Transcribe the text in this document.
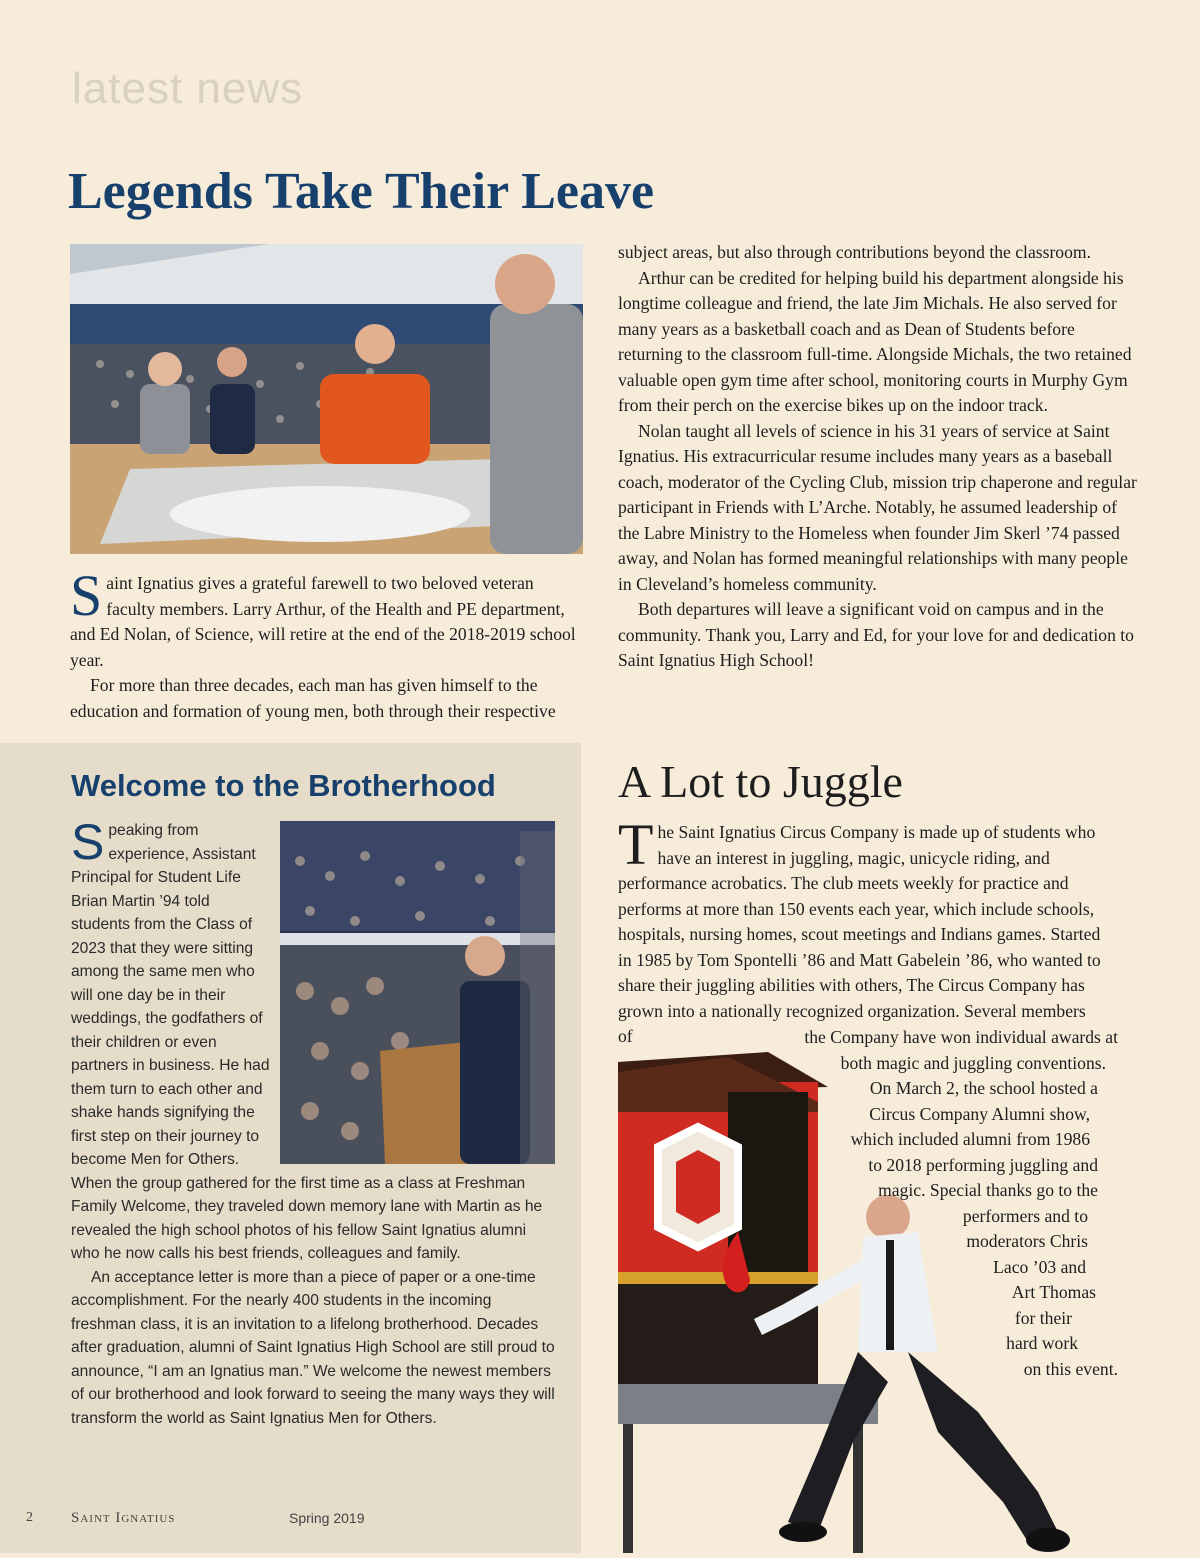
latest news
Legends Take Their Leave

Saint Ignatius gives a grateful farewell to two beloved veteran faculty members. Larry Arthur, of the Health and PE department, and Ed Nolan, of Science, will retire at the end of the 2018-2019 school year.

For more than three decades, each man has given himself to the education and formation of young men, both through their respective

subject areas, but also through contributions beyond the classroom.

Arthur can be credited for helping build his department alongside his longtime colleague and friend, the late Jim Michals. He also served for many years as a basketball coach and as Dean of Students before returning to the classroom full-time. Alongside Michals, the two retained valuable open gym time after school, monitoring courts in Murphy Gym from their perch on the exercise bikes up on the indoor track.

Nolan taught all levels of science in his 31 years of service at Saint Ignatius. His extracurricular resume includes many years as a baseball coach, moderator of the Cycling Club, mission trip chaperone and regular participant in Friends with L’Arche. Notably, he assumed leadership of the Labre Ministry to the Homeless when founder Jim Skerl ’74 passed away, and Nolan has formed meaningful relationships with many people in Cleveland’s homeless community.

Both departures will leave a significant void on campus and in the community. Thank you, Larry and Ed, for your love for and dedication to Saint Ignatius High School!

Welcome to the Brotherhood

Speaking from experience, Assistant Principal for Student Life Brian Martin ’94 told students from the Class of 2023 that they were sitting among the same men who will one day be in their weddings, the godfathers of their children or even partners in business. He had them turn to each other and shake hands signifying the first step on their journey to become Men for Others. When the group gathered for the first time as a class at Freshman Family Welcome, they traveled down memory lane with Martin as he revealed the high school photos of his fellow Saint Ignatius alumni who he now calls his best friends, colleagues and family.

An acceptance letter is more than a piece of paper or a one-time accomplishment. For the nearly 400 students in the incoming freshman class, it is an invitation to a lifelong brotherhood. Decades after graduation, alumni of Saint Ignatius High School are still proud to announce, “I am an Ignatius man.” We welcome the newest members of our brotherhood and look forward to seeing the many ways they will transform the world as Saint Ignatius Men for Others.

A Lot to Juggle

The Saint Ignatius Circus Company is made up of students who have an interest in juggling, magic, unicycle riding, and performance acrobatics. The club meets weekly for practice and performs at more than 150 events each year, which include schools, hospitals, nursing homes, scout meetings and Indians games. Started in 1985 by Tom Spontelli ’86 and Matt Gabelein ’86, who wanted to share their juggling abilities with others, The Circus Company has grown into a nationally recognized organization. Several members of	the Company have won individual awards at
both magic and juggling conventions.
On March 2, the school hosted a
Circus Company Alumni show,
which included alumni from 1986
to 2018 performing juggling and
magic. Special thanks go to the
performers and to
moderators Chris
Laco ’03 and
Art Thomas
for their
hard work
on this event.
2	Saint Ignatius	Spring 2019
